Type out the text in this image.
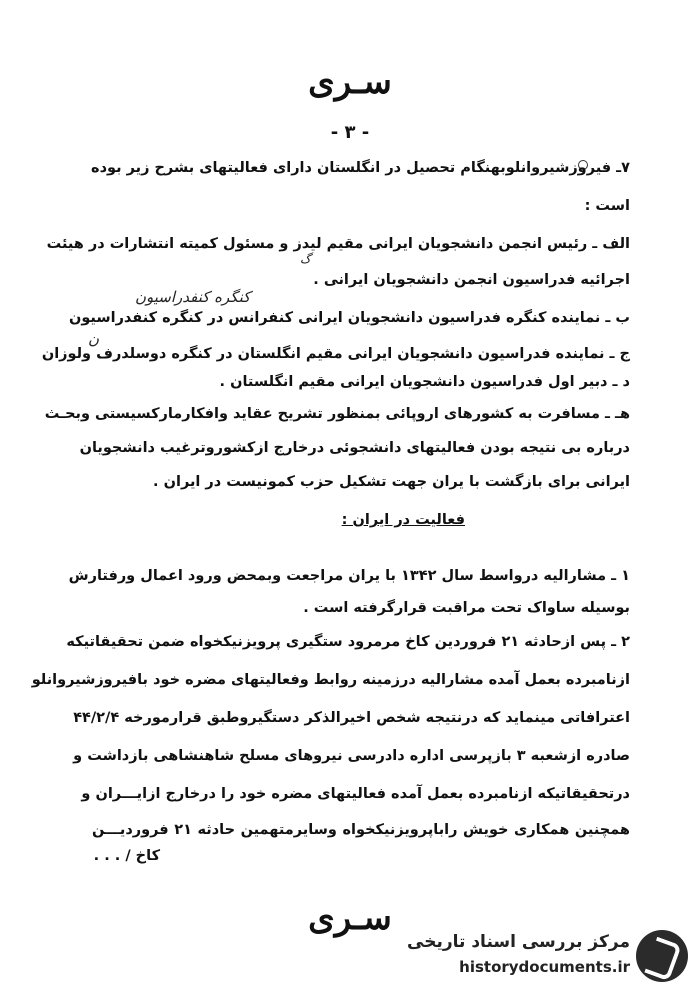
سـری
- ۳ -
۷ـ فیروزشیروانلوبهنگام تحصیل در انگلستان دارای فعالیتهای بشرح زیر بوده
است :
الف ـ رئیس انجمن دانشجویان ایرانی مقیم لیدز و مسئول کمیته انتشارات در هیئت
اجرائیه فدراسیون انجمن دانشجویان ایرانی .
ب ـ نماینده کنگره فدراسیون دانشجویان ایرانی کنفرانس در کنگره کنفدراسیون
ج ـ نماینده فدراسیون دانشجویان ایرانی مقیم انگلستان در کنگره دوسلدرف ولوزان
د ـ دبیر اول فدراسیون دانشجویان ایرانی مقیم انگلستان .
هـ ـ مسافرت به کشورهای اروپائی بمنظور تشریح عقاید وافکارمارکسیستی وبحـث
درباره بی نتیجه بودن فعالیتهای دانشجوئی درخارج ازکشوروترغیب دانشجویان
ایرانی برای بازگشت با یران جهت تشکیل حزب کمونیست در ایران .
فعالیت در ایران :
۱ ـ مشارالیه درواسط سال ۱۳۴۲ با یران مراجعت وبمحض ورود اعمال ورفتارش
بوسیله ساواک تحت مراقبت قرارگرفته است .
۲ ـ پس ازحادثه ۲۱ فروردین کاخ مرمرود ستگیری پرویزنیکخواه ضمن تحقیقاتیکه
ازنامبرده بعمل آمده مشارالیه درزمینه روابط وفعالیتهای مضره خود بافیروزشیروانلو
اعترافاتی مینماید که درنتیجه شخص اخیرالذکر دستگیروطبق قرارمورخه ۴۴/۲/۴
صادره ازشعبه ۳ بازپرسی اداره دادرسی نیروهای مسلح شاهنشاهی بازداشت و
درتحقیقاتیکه ازنامبرده بعمل آمده فعالیتهای مضره خود را درخارج ازایـــران و
همچنین همکاری خویش راباپرویزنیکخواه وسایرمتهمین حادثه ۲۱ فروردیـــن
کاخ / . . .
گ
کنگره کنفدراسیون
ن
سـری
مرکز بررسی اسناد تاریخی
historydocuments.ir
